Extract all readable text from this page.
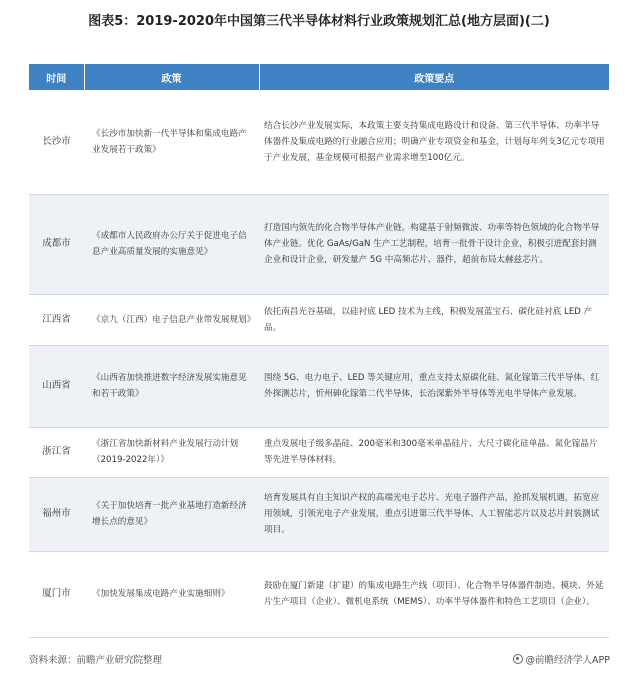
图表5：2019-2020年中国第三代半导体材料行业政策规划汇总(地方层面)(二)
时间	政策	政策要点
长沙市	《长沙市加快新一代半导体和集成电路产业发展若干政策》	结合长沙产业发展实际，本政策主要支持集成电路设计和设备、第三代半导体、功率半导体器件及集成电路的行业融合应用；明确产业专项资金和基金，计划每年列支3亿元专项用于产业发展，基金规模可根据产业需求增至100亿元。
成都市	《成都市人民政府办公厅关于促进电子信息产业高质量发展的实施意见》	打造国内领先的化合物半导体产业链。构建基于射频微波、功率等特色领域的化合物半导体产业链。优化 GaAs/GaN 生产工艺制程，培育一批骨干设计企业，积极引进配套封测企业和设计企业，研发量产 5G 中高频芯片、器件，超前布局太赫兹芯片。
江西省	《京九（江西）电子信息产业带发展规划》	依托南昌光谷基础，以硅衬底 LED 技术为主线，积极发展蓝宝石、碳化硅衬底 LED 产品。
山西省	《山西省加快推进数字经济发展实施意见和若干政策》	围绕 5G、电力电子、LED 等关键应用，重点支持太原碳化硅、氮化镓第三代半导体、红外探测芯片，忻州砷化镓第二代半导体，长治深紫外半导体等光电半导体产业发展。
浙江省	《浙江省加快新材料产业发展行动计划（2019-2022年）》	重点发展电子级多晶硅、200毫米和300毫米单晶硅片、大尺寸碳化硅单晶、氮化镓晶片等先进半导体材料。
福州市	《关于加快培育一批产业基地打造新经济增长点的意见》	培育发展具有自主知识产权的高端光电子芯片、光电子器件产品，抢抓发展机遇，拓宽应用领域，引领光电子产业发展，重点引进第三代半导体、人工智能芯片以及芯片封装测试项目。
厦门市	《加快发展集成电路产业实施细则》	鼓励在厦门新建（扩建）的集成电路生产线（项目）、化合物半导体器件制造、模块、外延片生产项目（企业）、微机电系统（MEMS）、功率半导体器件和特色工艺项目（企业）。
资料来源：前瞻产业研究院整理	@前瞻经济学人APP
